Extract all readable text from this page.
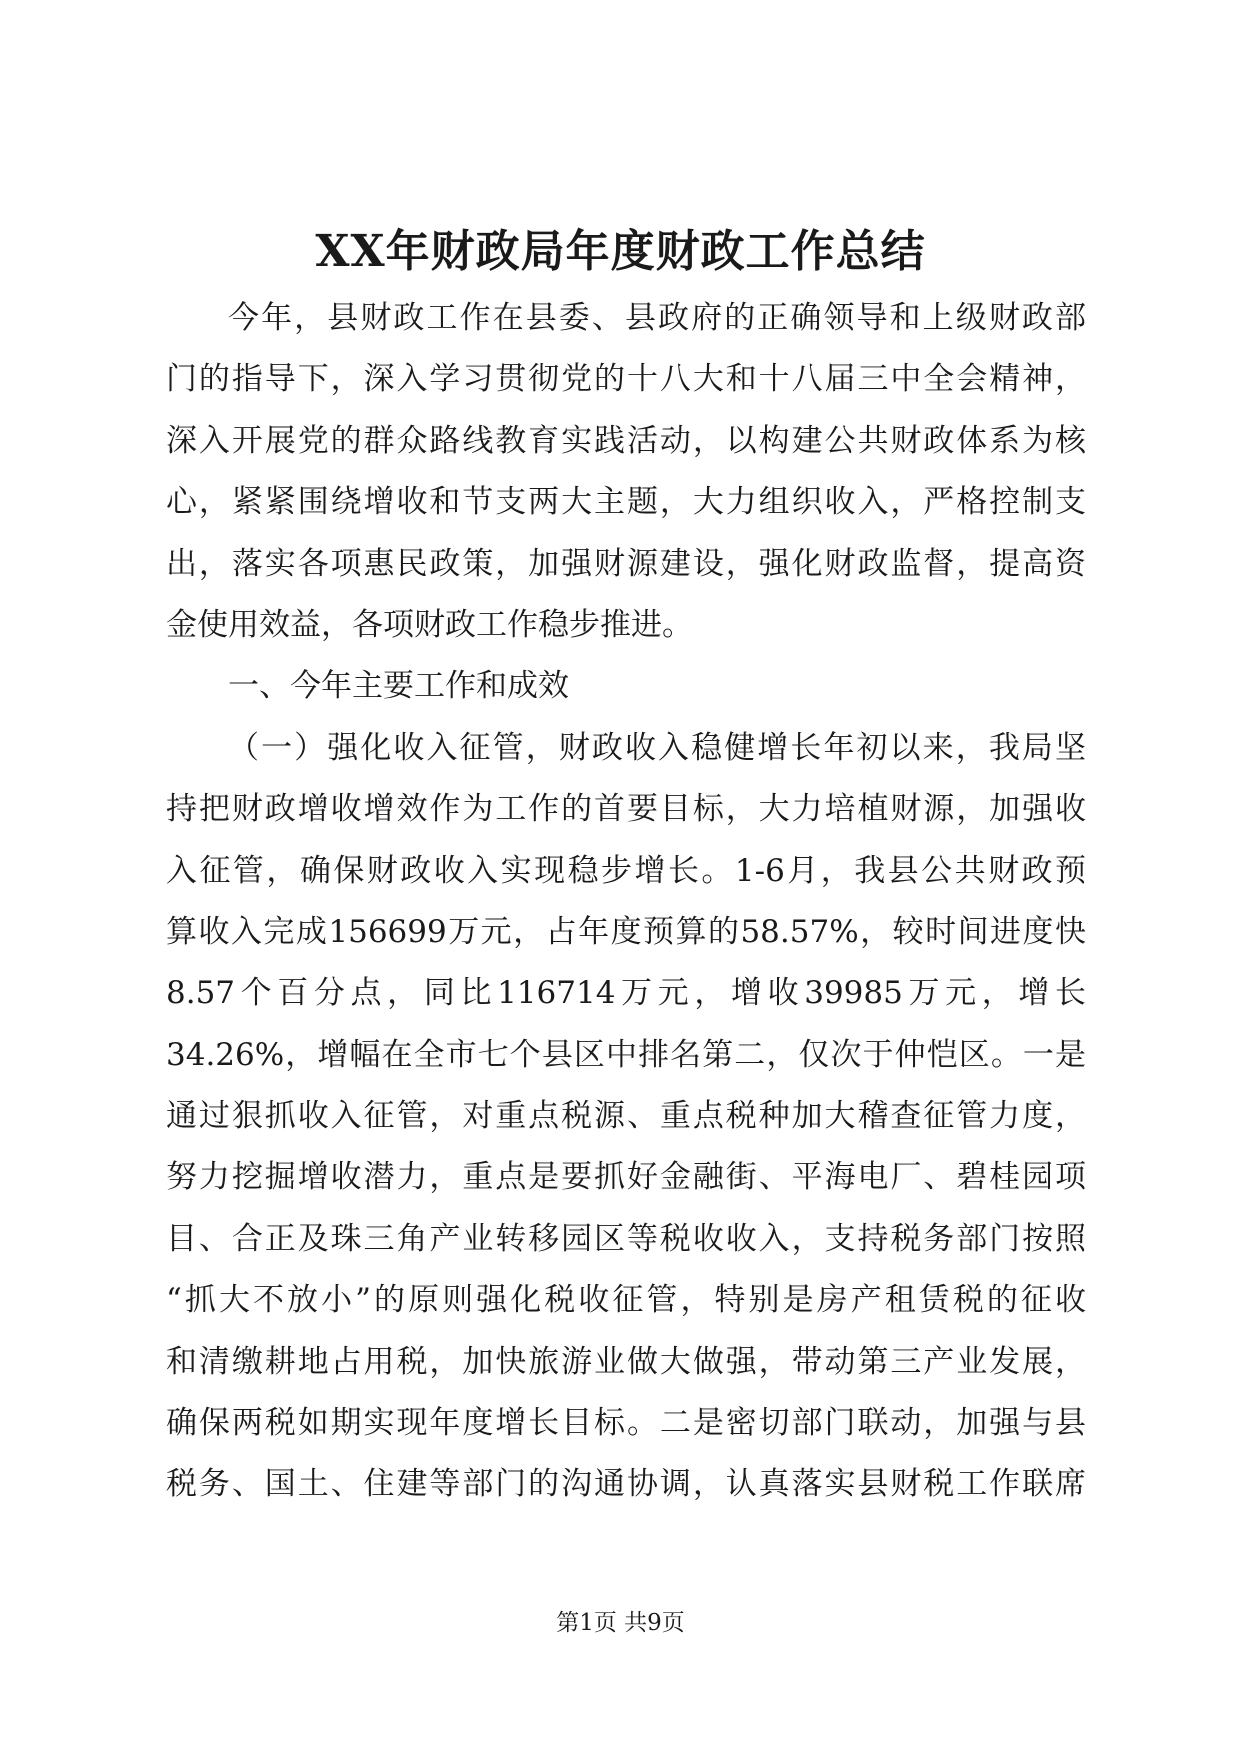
XX年财政局年度财政工作总结
今年，县财政工作在县委、县政府的正确领导和上级财政部
门的指导下，深入学习贯彻党的十八大和十八届三中全会精神，
深入开展党的群众路线教育实践活动，以构建公共财政体系为核
心，紧紧围绕增收和节支两大主题，大力组织收入，严格控制支
出，落实各项惠民政策，加强财源建设，强化财政监督，提高资
金使用效益，各项财政工作稳步推进。
一、今年主要工作和成效
（一）强化收入征管，财政收入稳健增长年初以来，我局坚
持把财政增收增效作为工作的首要目标，大力培植财源，加强收
入征管，确保财政收入实现稳步增长。1-6月，我县公共财政预
算收入完成156699万元，占年度预算的58.57%，较时间进度快
8.57个百分点，同比116714万元，增收39985万元，增长
34.26%，增幅在全市七个县区中排名第二，仅次于仲恺区。一是
通过狠抓收入征管，对重点税源、重点税种加大稽查征管力度，
努力挖掘增收潜力，重点是要抓好金融街、平海电厂、碧桂园项
目、合正及珠三角产业转移园区等税收收入，支持税务部门按照
“抓大不放小”的原则强化税收征管，特别是房产租赁税的征收
和清缴耕地占用税，加快旅游业做大做强，带动第三产业发展，
确保两税如期实现年度增长目标。二是密切部门联动，加强与县
税务、国土、住建等部门的沟通协调，认真落实县财税工作联席
第1页 共9页
